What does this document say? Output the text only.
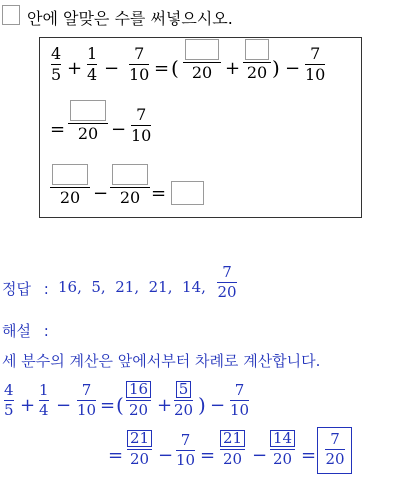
안에 알맞은 수를 써넣으시오.
4
5 +
1
4 −
7
10 = ( 20 + 20 ) −
7
10
= 20 −
7
10
20 − 20 =
정답 : 16,  5,  21,  21,  14,
7
20
해설 :
세 분수의 계산은 앞에서부터 차례로 계산합니다.
4
5 +
1
4 −
7
10 = ( $\frac{16}{20} + \frac{5}{20}$ ) −
7
10
= $\frac{21}{20}$ −
7
$10 = \frac{21}{20} - \frac{14}{20}$ =
7
20
